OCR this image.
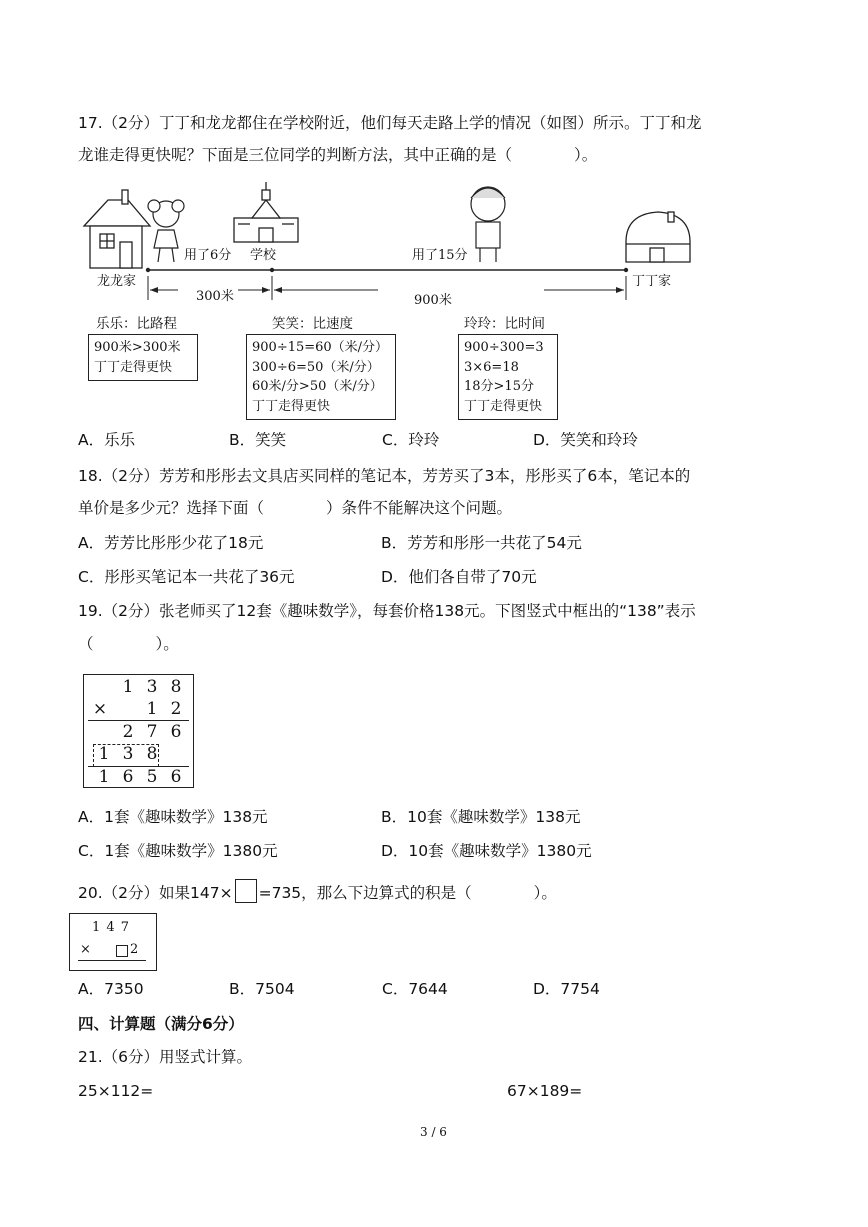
17.（2分）丁丁和龙龙都住在学校附近，他们每天走路上学的情况（如图）所示。丁丁和龙
龙谁走得更快呢？下面是三位同学的判断方法，其中正确的是（　　　　）。
龙龙家	丁丁家
学校
用了6分	用了15分
300米	900米
乐乐：比路程
900米>300米
丁丁走得更快
笑笑：比速度
900÷15=60（米/分）
300÷6=50（米/分）
60米/分>50（米/分）
丁丁走得更快
玲玲：比时间
900÷300=3
3×6=18
18分>15分
丁丁走得更快
A．乐乐	B．笑笑	C．玲玲	D．笑笑和玲玲
18.（2分）芳芳和彤彤去文具店买同样的笔记本，芳芳买了3本，彤彤买了6本，笔记本的
单价是多少元？选择下面（　　　　）条件不能解决这个问题。
A．芳芳比彤彤少花了18元	B．芳芳和彤彤一共花了54元
C．彤彤买笔记本一共花了36元	D．他们各自带了70元
19.（2分）张老师买了12套《趣味数学》，每套价格138元。下图竖式中框出的“138”表示
（　　　　）。
1 3 8
× 1 2
2 7 6
1 3 8
1 6 5 6
A．1套《趣味数学》138元	B．10套《趣味数学》138元
C．1套《趣味数学》1380元	D．10套《趣味数学》1380元
20.（2分）如果147× =735，那么下边算式的积是（　　　　）。
1 4 7
×	2
A．7350	B．7504	C．7644	D．7754
四、计算题（满分6分）
21.（6分）用竖式计算。
25×112=	67×189=
3 / 6
